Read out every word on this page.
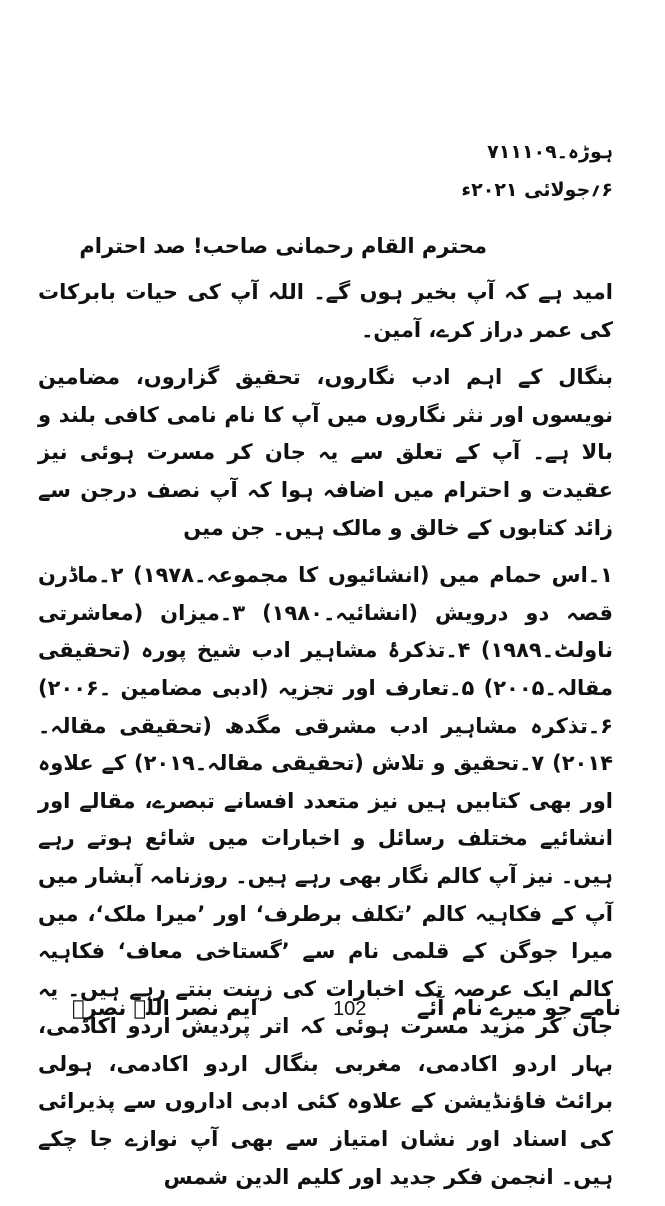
ہوڑہ۔۷۱۱۱۰۹
۶؍جولائی ۲۰۲۱ء
محترم القام رحمانی صاحب! صد احترام

امید ہے کہ آپ بخیر ہوں گے۔ اللہ آپ کی حیات بابرکات کی عمر دراز کرے، آمین۔

بنگال کے اہم ادب نگاروں، تحقیق گزاروں، مضامین نویسوں اور نثر نگاروں میں آپ کا نام نامی کافی بلند و بالا ہے۔ آپ کے تعلق سے یہ جان کر مسرت ہوئی نیز عقیدت و احترام میں اضافہ ہوا کہ آپ نصف درجن سے زائد کتابوں کے خالق و مالک ہیں۔ جن میں

۱۔اس حمام میں (انشائیوں کا مجموعہ۔۱۹۷۸) ۲۔ماڈرن قصہ دو درویش (انشائیہ۔۱۹۸۰) ۳۔میزان (معاشرتی ناولٹ۔۱۹۸۹) ۴۔تذکرۂ مشاہیر ادب شیخ پورہ (تحقیقی مقالہ۔۲۰۰۵) ۵۔تعارف اور تجزیہ (ادبی مضامین ۔۲۰۰۶) ۶۔تذکرہ مشاہیر ادب مشرقی مگدھ (تحقیقی مقالہ۔۲۰۱۴) ۷۔تحقیق و تلاش (تحقیقی مقالہ۔۲۰۱۹) کے علاوہ اور بھی کتابیں ہیں نیز متعدد افسانے تبصرے، مقالے اور انشائیے مختلف رسائل و اخبارات میں شائع ہوتے رہے ہیں۔ نیز آپ کالم نگار بھی رہے ہیں۔ روزنامہ آبشار میں آپ کے فکاہیہ کالم ’تکلف برطرف‘ اور ’میرا ملک‘، میں میرا جوگن کے قلمی نام سے ’گستاخی معاف‘ فکاہیہ کالم ایک عرصہ تک اخبارات کی زینت بنتے رہے ہیں۔ یہ جان کر مزید مسرت ہوئی کہ اتر پردیش اردو اکاڈمی، بہار اردو اکادمی، مغربی بنگال اردو اکادمی، ہولی برائٹ فاؤنڈیشن کے علاوہ کئی ادبی اداروں سے پذیرائی کی اسناد اور نشان امتیاز سے بھی آپ نوازے جا چکے ہیں۔ انجمن فکر جدید اور کلیم الدین شمس

ایم نصر اللہ نصرؔ	102 نامے جو میرے نام آئے
